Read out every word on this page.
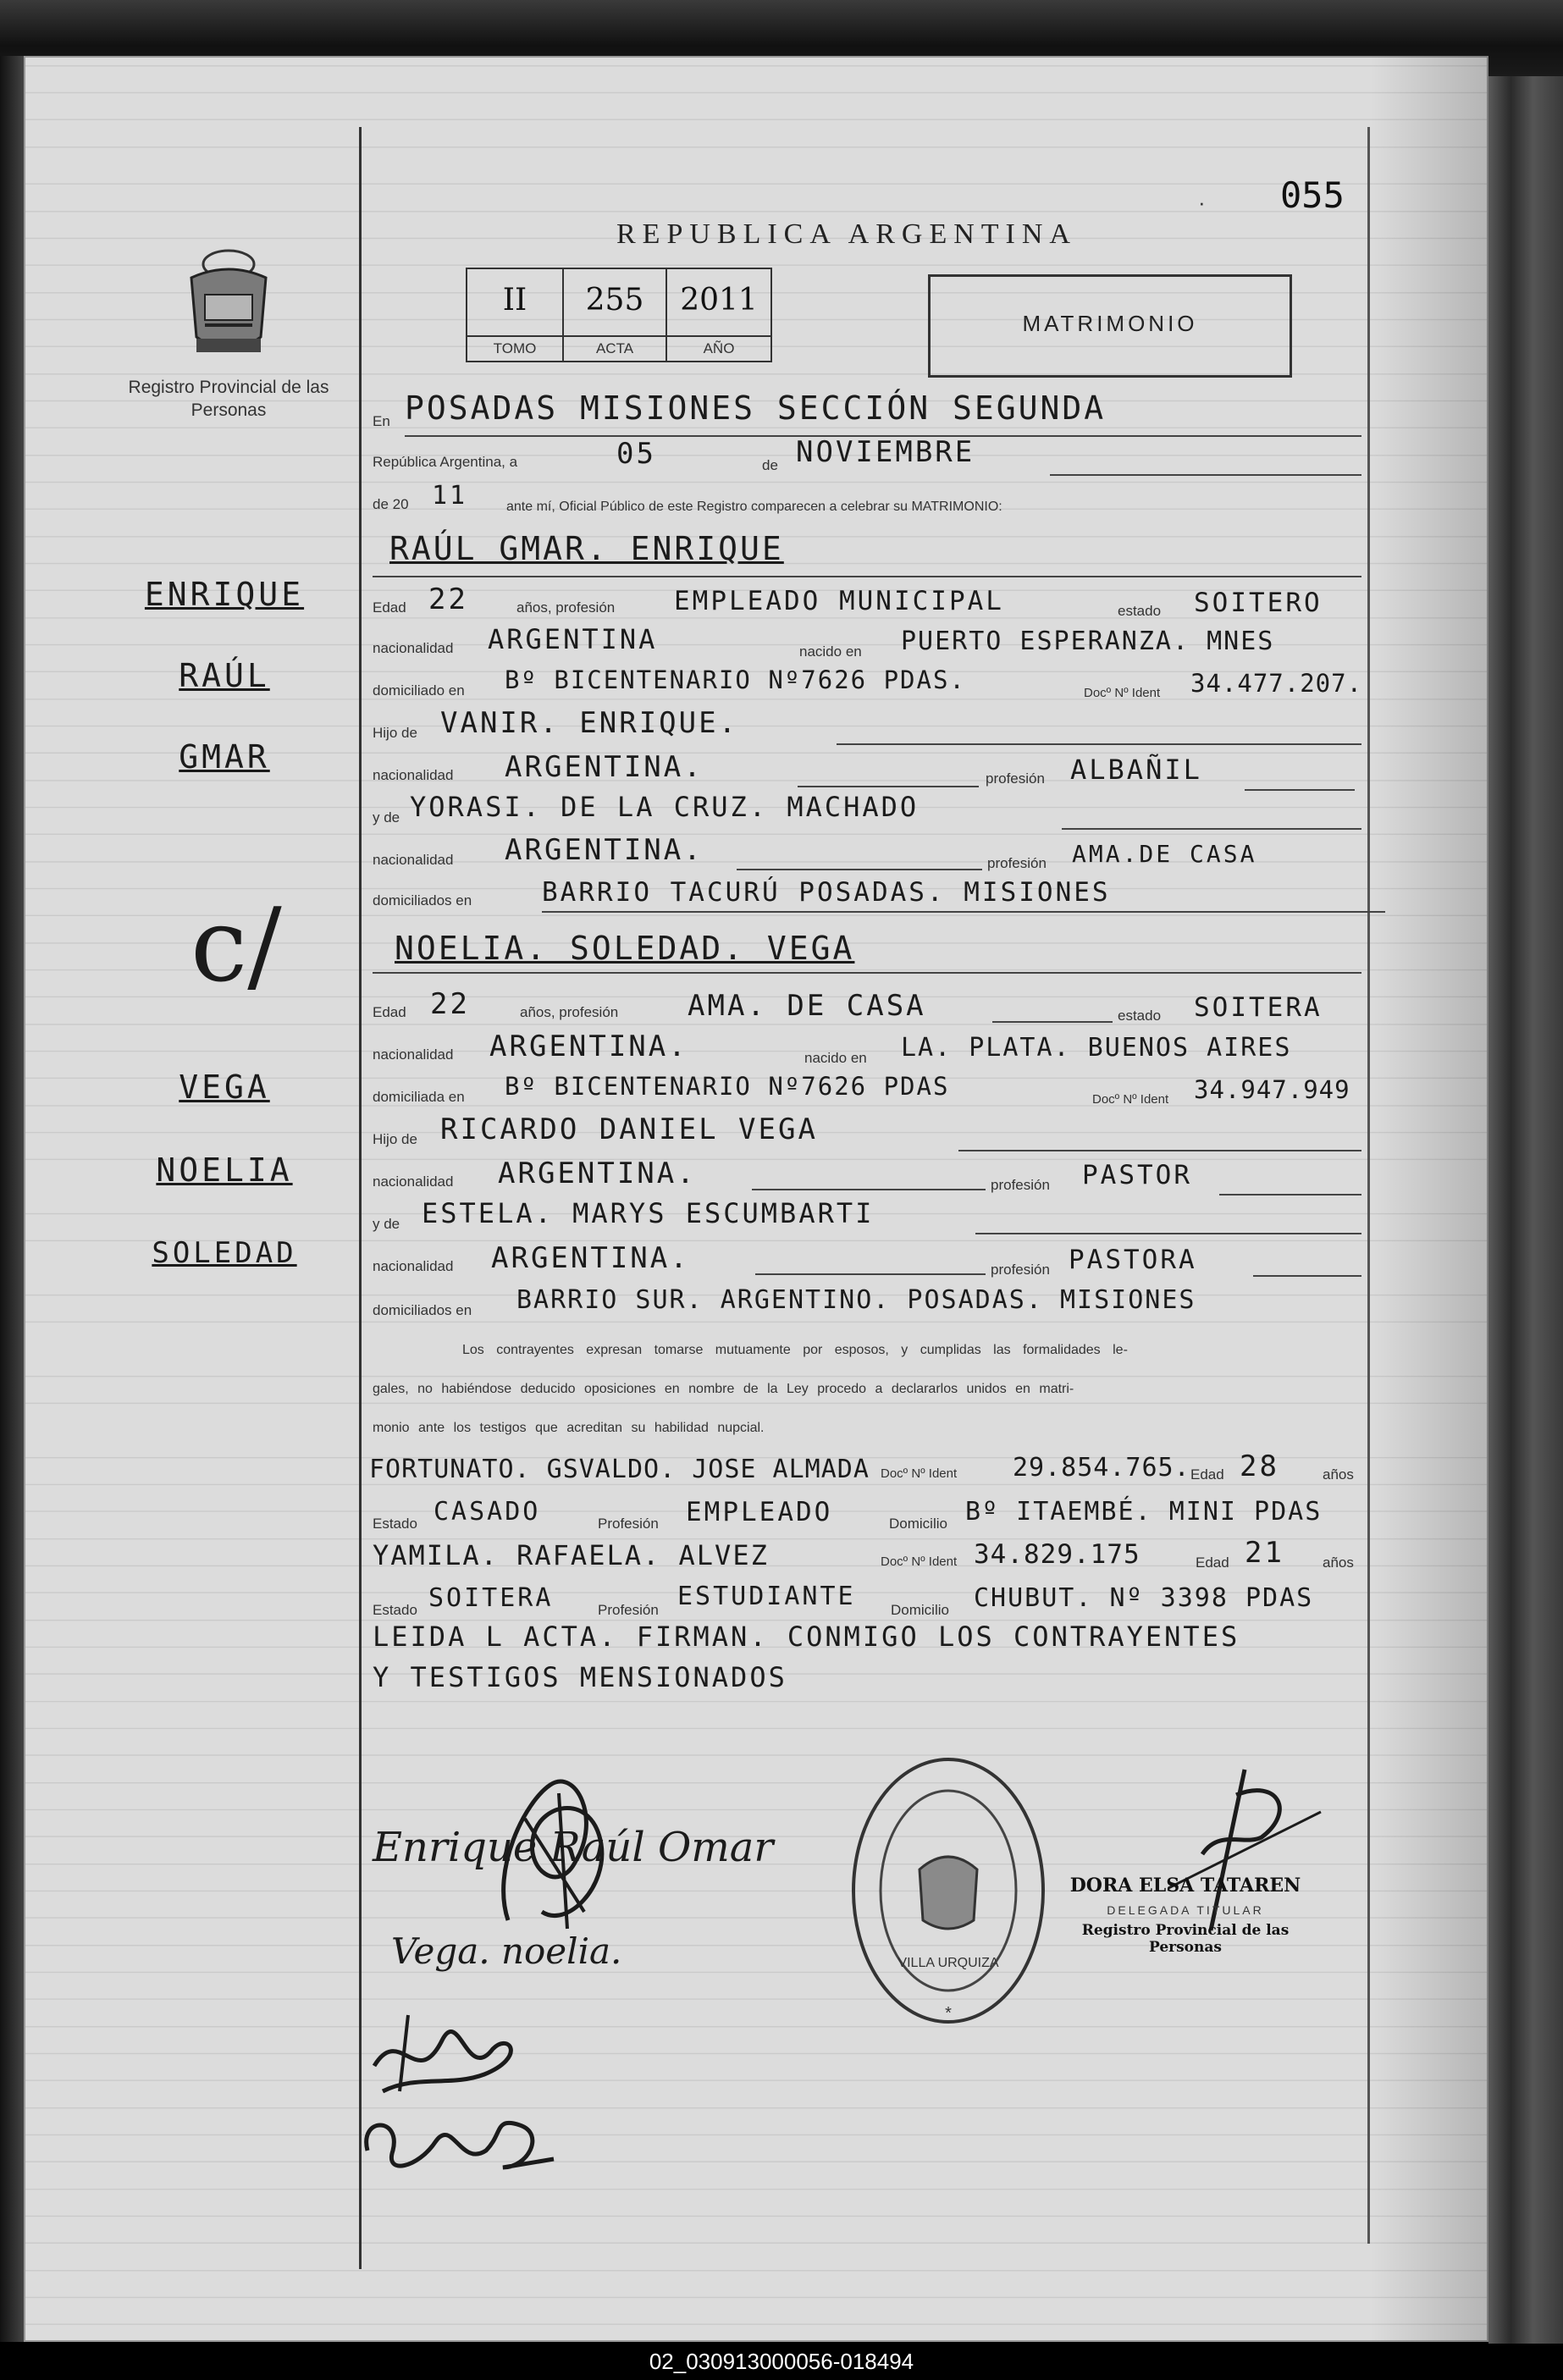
· 055
REPUBLICA ARGENTINA
Registro Provincial de las Personas
II
TOMO
255
ACTA
2011
AÑO
MATRIMONIO
ENRIQUE
RAÚL
GMAR
c/
VEGA
NOELIA
SOLEDAD
En POSADAS MISIONES SECCIÓN SEGUNDA
República Argentina, a	05	de NOVIEMBRE
de 20 11	ante mí, Oficial Público de este Registro comparecen a celebrar su MATRIMONIO:
RAÚL GMAR. ENRIQUE
Edad 22	años, profesión EMPLEADO MUNICIPAL	estado SOITERO
nacionalidad ARGENTINA	nacido en PUERTO ESPERANZA. MNES
domiciliado en Bº BICENTENARIO Nº7626 PDAS.	Docº Nº Ident 34.477.207.
Hijo de VANIR. ENRIQUE.
nacionalidad ARGENTINA.	profesión ALBAÑIL
y de YORASI. DE LA CRUZ. MACHADO
nacionalidad ARGENTINA.	profesión AMA.DE CASA
domiciliados en	BARRIO TACURÚ POSADAS. MISIONES
NOELIA. SOLEDAD. VEGA
Edad 22	años, profesión AMA. DE CASA	estado SOITERA
nacionalidad ARGENTINA.	nacido en LA. PLATA. BUENOS AIRES
domiciliada en Bº BICENTENARIO Nº7626 PDAS	Docº Nº Ident 34.947.949
Hijo de RICARDO DANIEL VEGA
nacionalidad ARGENTINA.	profesión PASTOR
y de ESTELA. MARYS ESCUMBARTI
nacionalidad ARGENTINA.	profesión PASTORA
domiciliados en BARRIO SUR. ARGENTINO. POSADAS. MISIONES
Los contrayentes expresan tomarse mutuamente por esposos, y cumplidas las formalidades le-
gales, no habiéndose deducido oposiciones en nombre de la Ley procedo a declararlos unidos en matri-
monio ante los testigos que acreditan su habilidad nupcial.
FORTUNATO. GSVALDO. JOSE ALMADA Docº Nº Ident 29.854.765. Edad 28	años
Estado CASADO	Profesión EMPLEADO	Domicilio Bº ITAEMBÉ. MINI PDAS
YAMILA. RAFAELA. ALVEZ	Docº Nº Ident 34.829.175	Edad 21	años
Estado SOITERA	Profesión ESTUDIANTE Domicilio CHUBUT. Nº 3398 PDAS
LEIDA L ACTA. FIRMAN. CONMIGO LOS CONTRAYENTES
Y TESTIGOS MENSIONADOS
Enrique Raúl Omar
Vega. noelia.	VILLA URQUIZA
*
DORA ELSA TATAREN
DELEGADA TITULAR
Registro Provincial de las Personas
02_030913000056-018494
